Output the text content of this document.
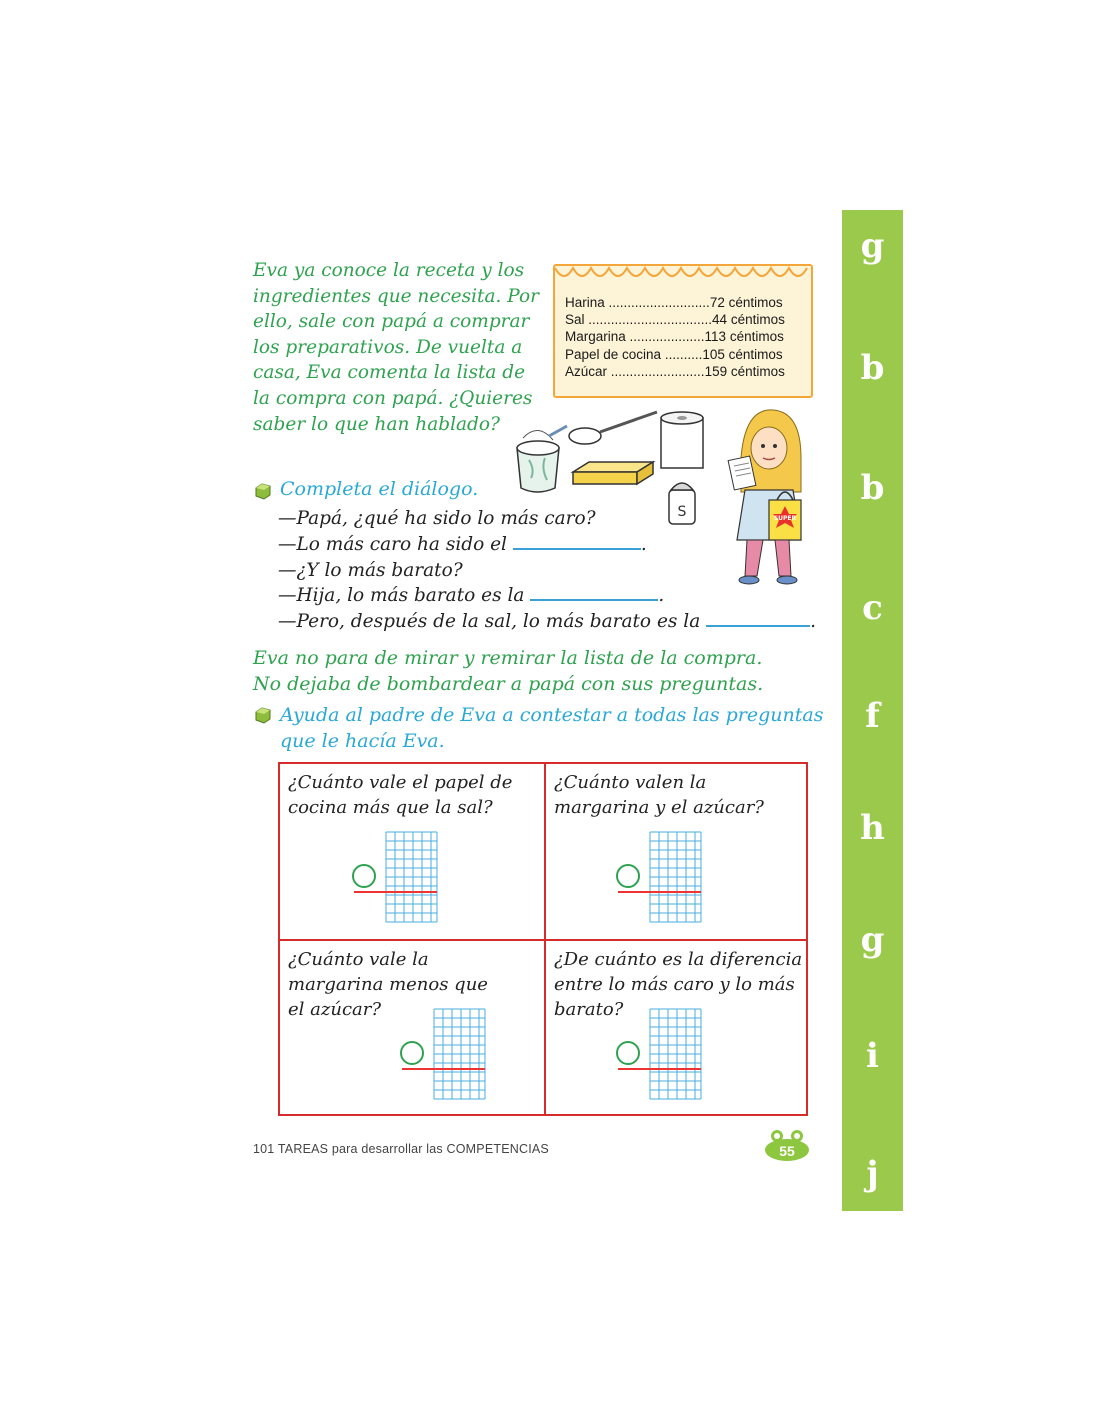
Eva ya conoce la receta y los
ingredientes que necesita. Por
ello, sale con papá a comprar
los preparativos. De vuelta a
casa, Eva comenta la lista de
la compra con papá. ¿Quieres
saber lo que han hablado?
Harina ...........................72 céntimos
Sal .................................44 céntimos
Margarina ....................113 céntimos
Papel de cocina ..........105 céntimos
Azúcar .........................159 céntimos
S	SUPER
Completa el diálogo.
—Papá, ¿qué ha sido lo más caro?
—Lo más caro ha sido el	.
—¿Y lo más barato?
—Hija, lo más barato es la	.
—Pero, después de la sal, lo más barato es la	.
Eva no para de mirar y remirar la lista de la compra.
No dejaba de bombardear a papá con sus preguntas.
Ayuda al padre de Eva a contestar a todas las preguntas
que le hacía Eva.
¿Cuánto vale el papel de
cocina más que la sal?
¿Cuánto valen la
margarina y el azúcar?
¿Cuánto vale la
margarina menos que
el azúcar?
¿De cuánto es la diferencia
entre lo más caro y lo más
barato?
101 TAREAS para desarrollar las COMPETENCIAS	55
g
b
b
c
f
h
g
i
j
